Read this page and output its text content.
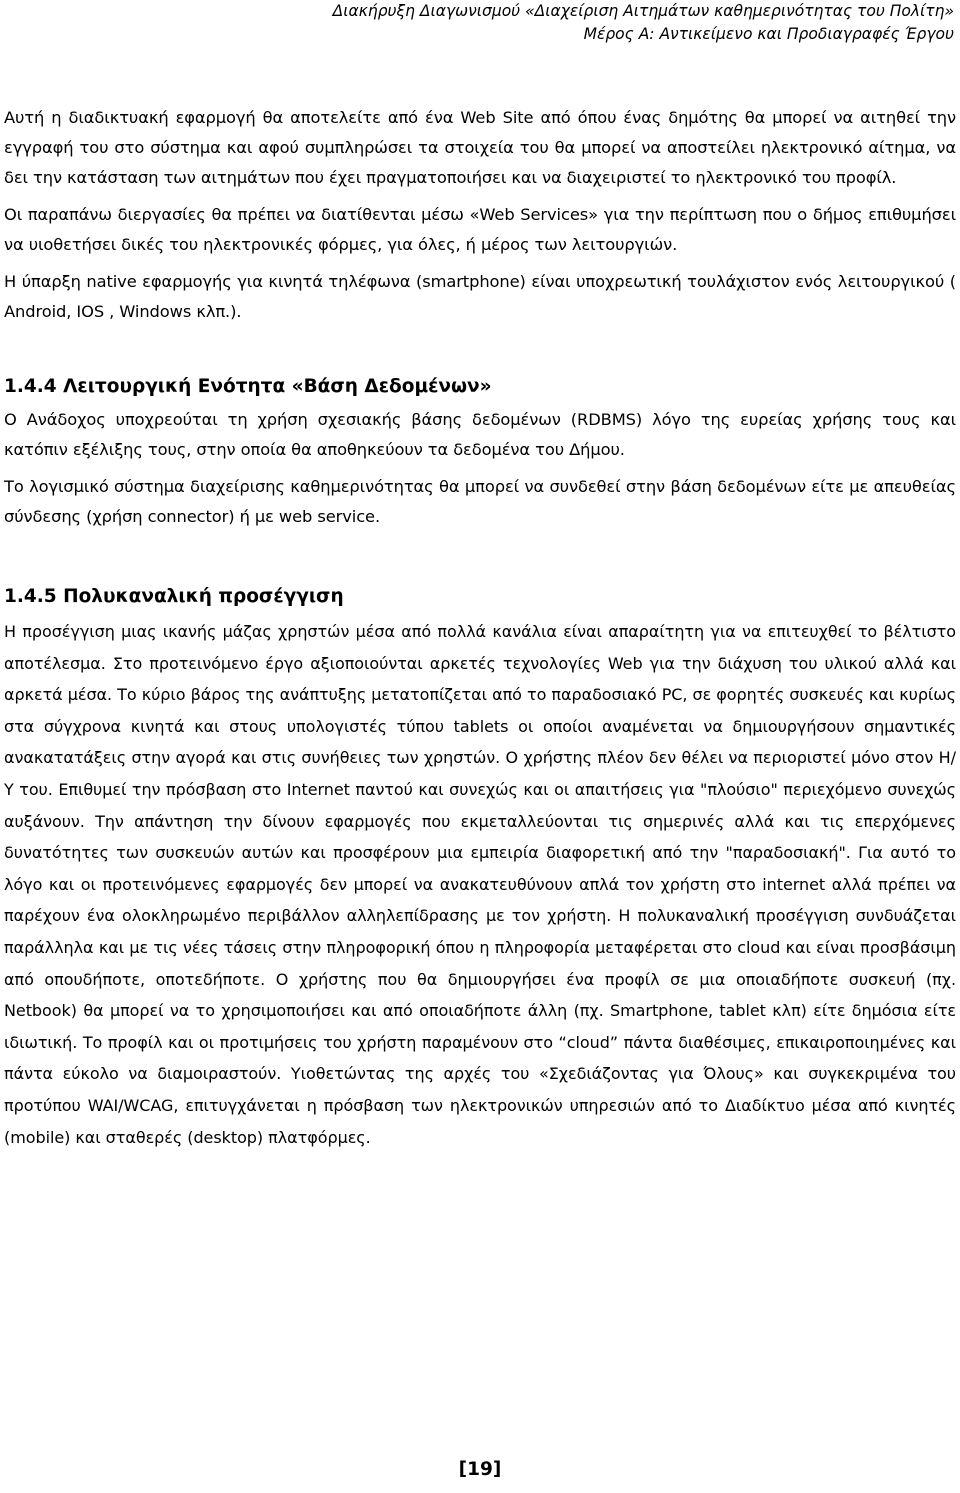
Διακήρυξη Διαγωνισμού «Διαχείριση Αιτημάτων καθημερινότητας του Πολίτη»
Μέρος Α: Αντικείμενο και Προδιαγραφές Έργου

Αυτή η διαδικτυακή εφαρμογή θα αποτελείτε από ένα Web Site από όπου ένας δημότης θα μπορεί να αιτηθεί την εγγραφή του στο σύστημα και αφού συμπληρώσει τα στοιχεία του θα μπορεί να αποστείλει ηλεκτρονικό αίτημα, να δει την κατάσταση των αιτημάτων που έχει πραγματοποιήσει και να διαχειριστεί το ηλεκτρονικό του προφίλ.

Οι παραπάνω διεργασίες θα πρέπει να διατίθενται μέσω «Web Services» για την περίπτωση που ο δήμος επιθυμήσει να υιοθετήσει δικές του ηλεκτρονικές φόρμες, για όλες, ή μέρος των λειτουργιών.

Η ύπαρξη native εφαρμογής για κινητά τηλέφωνα (smartphone) είναι υποχρεωτική τουλάχιστον ενός λειτουργικού ( Android, IOS , Windows κλπ.).

1.4.4 Λειτουργική Ενότητα «Βάση Δεδομένων»

Ο Ανάδοχος υποχρεούται τη χρήση σχεσιακής βάσης δεδομένων (RDBMS) λόγο της ευρείας χρήσης τους και κατόπιν εξέλιξης τους, στην οποία θα αποθηκεύουν τα δεδομένα του Δήμου.

Το λογισμικό σύστημα διαχείρισης καθημερινότητας θα μπορεί να συνδεθεί στην βάση δεδομένων είτε με απευθείας σύνδεσης (χρήση connector) ή με web service.

1.4.5 Πολυκαναλική προσέγγιση

Η προσέγγιση μιας ικανής μάζας χρηστών μέσα από πολλά κανάλια είναι απαραίτητη για να επιτευχθεί το βέλτιστο αποτέλεσμα. Στο προτεινόμενο έργο αξιοποιούνται αρκετές τεχνολογίες Web για την διάχυση του υλικού αλλά και αρκετά μέσα. Το κύριο βάρος της ανάπτυξης μετατοπίζεται από το παραδοσιακό PC, σε φορητές συσκευές και κυρίως στα σύγχρονα κινητά και στους υπολογιστές τύπου tablets οι οποίοι αναμένεται να δημιουργήσουν σημαντικές ανακατατάξεις στην αγορά και στις συνήθειες των χρηστών. Ο χρήστης πλέον δεν θέλει να περιοριστεί μόνο στον Η/Υ του. Επιθυμεί την πρόσβαση στο Internet παντού και συνεχώς και οι απαιτήσεις για "πλούσιο" περιεχόμενο συνεχώς αυξάνουν. Την απάντηση την δίνουν εφαρμογές που εκμεταλλεύονται τις σημερινές αλλά και τις επερχόμενες δυνατότητες των συσκευών αυτών και προσφέρουν μια εμπειρία διαφορετική από την "παραδοσιακή". Για αυτό το λόγο και οι προτεινόμενες εφαρμογές δεν μπορεί να ανακατευθύνουν απλά τον χρήστη στο internet αλλά πρέπει να παρέχουν ένα ολοκληρωμένο περιβάλλον αλληλεπίδρασης με τον χρήστη. Η πολυκαναλική προσέγγιση συνδυάζεται παράλληλα και με τις νέες τάσεις στην πληροφορική όπου η πληροφορία μεταφέρεται στο cloud και είναι προσβάσιμη από οπουδήποτε, οποτεδήποτε. Ο χρήστης που θα δημιουργήσει ένα προφίλ σε μια οποιαδήποτε συσκευή (πχ. Netbook) θα μπορεί να το χρησιμοποιήσει και από οποιαδήποτε άλλη (πχ. Smartphone, tablet κλπ) είτε δημόσια είτε ιδιωτική. Το προφίλ και οι προτιμήσεις του χρήστη παραμένουν στο “cloud” πάντα διαθέσιμες, επικαιροποιημένες και πάντα εύκολο να διαμοιραστούν. Υιοθετώντας της αρχές του «Σχεδιάζοντας για Όλους» και συγκεκριμένα του προτύπου WAI/WCAG, επιτυγχάνεται η πρόσβαση των ηλεκτρονικών υπηρεσιών από το Διαδίκτυο μέσα από κινητές (mobile) και σταθερές (desktop) πλατφόρμες.

[19]
